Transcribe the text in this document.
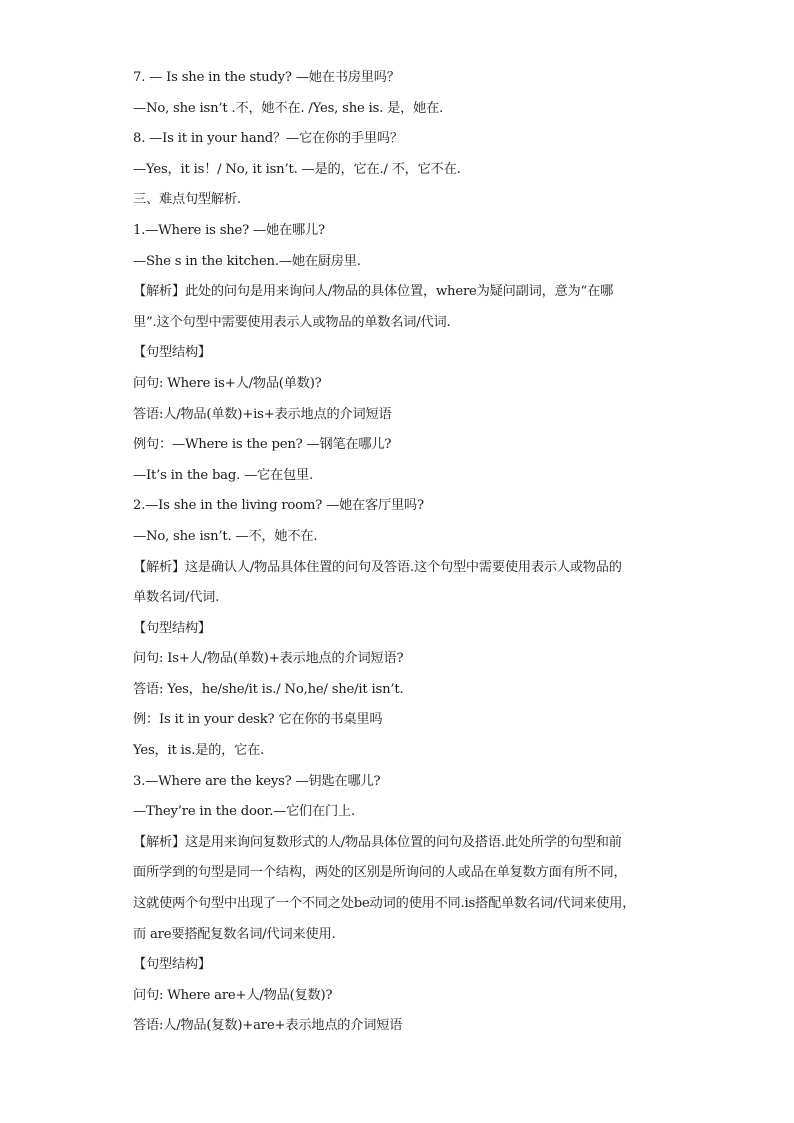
7. — Is she in the study? —她在书房里吗？
—No, she isn’t .不，她不在. /Yes, she is. 是，她在.
8. —Is it in your hand？—它在你的手里吗？
—Yes，it is！/ No, it isn’t. —是的，它在./ 不，它不在.
三、难点句型解析.
1.—Where is she? —她在哪儿?
—She s in the kitchen.—她在厨房里.
【解析】此处的问句是用来询问人/物品的具体位置，where为疑问副词，意为“在哪
里”.这个句型中需要使用表示人或物品的单数名词/代词.
【句型结构】
问句: Where is+人/物品(单数)?
答语:人/物品(单数)+is+表示地点的介词短语
例句：—Where is the pen? —钢笔在哪儿?
—It’s in the bag. —它在包里.
2.—Is she in the living room? —她在客厅里吗?
—No, she isn’t. —不，她不在.
【解析】这是确认人/物品具体住置的问句及答语.这个句型中需要使用表示人或物品的
单数名词/代词.
【句型结构】
问句: Is+人/物品(单数)+表示地点的介词短语?
答语: Yes，he/she/it is./ No,he/ she/it isn’t.
例：Is it in your desk? 它在你的书桌里吗
Yes，it is.是的，它在.
3.—Where are the keys? —钥匙在哪儿?
—They’re in the door.—它们在门上.
【解析】这是用来询问复数形式的人/物品具体位置的问句及搭语.此处所学的句型和前
面所学到的句型是同一个结构，两处的区别是所询问的人或品在单复数方面有所不同，
这就使两个句型中出现了一个不同之处be动词的使用不同.is搭配单数名词/代词来使用，
而 are要搭配复数名词/代词来使用.
【句型结构】
问句: Where are+人/物品(复数)?
答语:人/物品(复数)+are+表示地点的介词短语
